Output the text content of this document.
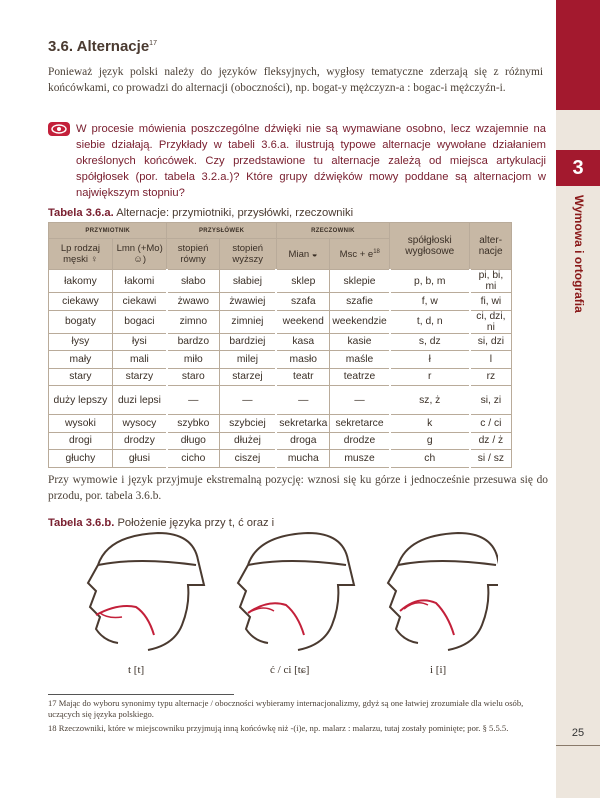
3
Wymowa i ortografia
25
3.6. Alternacje$^{17}$
Ponieważ język polski należy do języków fleksyjnych, wygłosy tematyczne zderzają się z różnymi końcówkami, co prowadzi do alternacji (oboczności), np. bogat-y mężczyzn-a : bogac-i mężczyźn-i.
W procesie mówienia poszczególne dźwięki nie są wymawiane osobno, lecz wzajemnie na siebie działają. Przykłady w tabeli 3.6.a. ilustrują typowe alternacje wywołane działaniem określonych końcówek. Czy przedstawione tu alternacje zależą od miejsca artykulacji spółgłosek (por. tabela 3.2.a.)? Które grupy dźwięków mowy poddane są alternacjom w największym stopniu?
Tabela 3.6.a. Alternacje: przymiotniki, przysłówki, rzeczowniki
PRZYMIOTNIK		PRZYSŁÓWEK		RZECZOWNIK		spółgłoski wygłosowe	alter-nacje
Lp rodzaj męski ♀	Lmn (+Mo) ☺)	stopień równy	stopień wyższy	Mian ◒	Msc + $e^{18}$
łakomy	łakomi	słabo	słabiej	sklep	sklepie	p, b, m	pi, bi, mi
ciekawy	ciekawi	żwawo	żwawiej	szafa	szafie	f, w	fi, wi
bogaty	bogaci	zimno	zimniej	weekend	weekendzie	t, d, n	ci, dzi, ni
łysy	łysi	bardzo	bardziej	kasa	kasie	s, dz	si, dzi
mały	mali	miło	milej	masło	maśle	ł	l
stary	starzy	staro	starzej	teatr	teatrze	r	rz
duży lepszy	duzi lepsi	—	—	—	—	sz, ż	si, zi
wysoki	wysocy	szybko	szybciej	sekretarka	sekretarce	k	c / ci
drogi	drodzy	długo	dłużej	droga	drodze	g	dz / ż
głuchy	głusi	cicho	ciszej	mucha	musze	ch	si / sz
Przy wymowie i język przyjmuje ekstremalną pozycję: wznosi się ku górze i jednocześnie przesuwa się do przodu, por. tabela 3.6.b.
Tabela 3.6.b. Położenie języka przy t, ć oraz i
t [t]	ć / ci [tɕ]	i [i]
17 Mając do wyboru synonimy typu alternacje / oboczności wybieramy internacjonalizmy, gdyż są one łatwiej zrozumiałe dla wielu osób, uczących się języka polskiego.
18 Rzeczowniki, które w miejscowniku przyjmują inną końcówkę niż -(i)e, np. malarz : malarzu, tutaj zostały pominięte; por. § 5.5.5.
